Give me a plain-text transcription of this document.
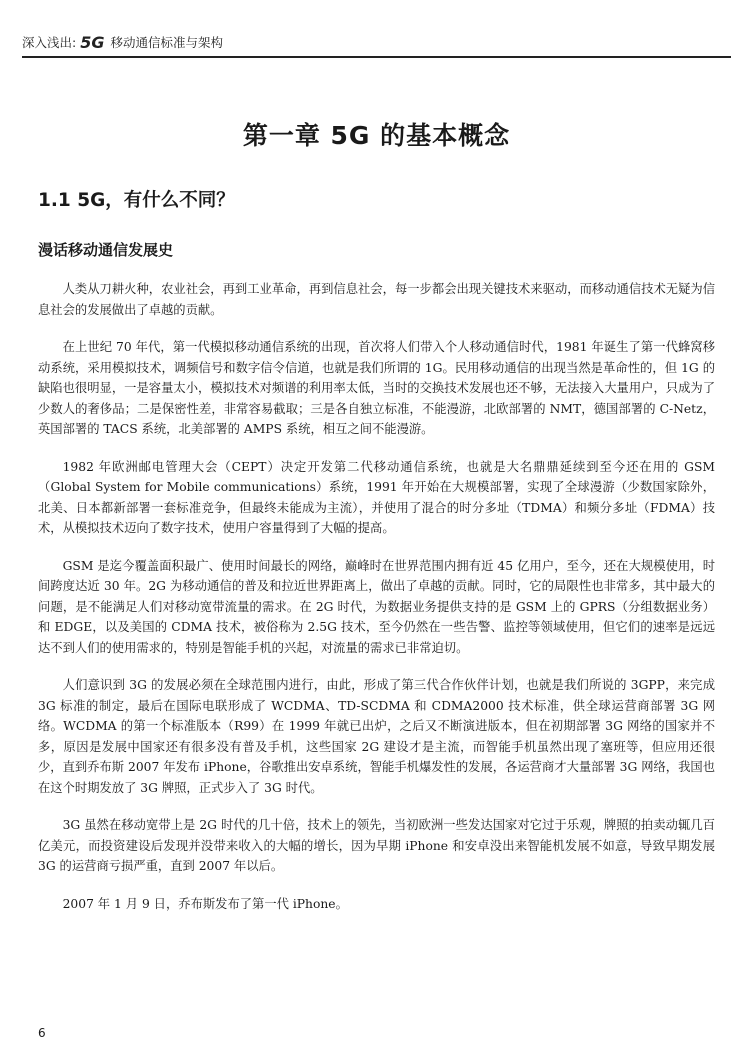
深入浅出: 5G 移动通信标准与架构
第一章 5G 的基本概念
1.1 5G，有什么不同？
漫话移动通信发展史

人类从刀耕火种，农业社会，再到工业革命，再到信息社会，每一步都会出现关键技术来驱动，而移动通信技术无疑为信息社会的发展做出了卓越的贡献。

在上世纪 70 年代，第一代模拟移动通信系统的出现，首次将人们带入个人移动通信时代，1981 年诞生了第一代蜂窝移动系统，采用模拟技术，调频信号和数字信令信道，也就是我们所谓的 1G。民用移动通信的出现当然是革命性的，但 1G 的缺陷也很明显，一是容量太小，模拟技术对频谱的利用率太低，当时的交换技术发展也还不够，无法接入大量用户，只成为了少数人的奢侈品；二是保密性差，非常容易截取；三是各自独立标准，不能漫游，北欧部署的 NMT，德国部署的 C-Netz，英国部署的 TACS 系统，北美部署的 AMPS 系统，相互之间不能漫游。

1982 年欧洲邮电管理大会（CEPT）决定开发第二代移动通信系统，也就是大名鼎鼎延续到至今还在用的 GSM（Global System for Mobile communications）系统，1991 年开始在大规模部署，实现了全球漫游（少数国家除外，北美、日本都新部署一套标准竞争，但最终未能成为主流），并使用了混合的时分多址（TDMA）和频分多址（FDMA）技术，从模拟技术迈向了数字技术，使用户容量得到了大幅的提高。

GSM 是迄今覆盖面积最广、使用时间最长的网络，巅峰时在世界范围内拥有近 45 亿用户，至今，还在大规模使用，时间跨度达近 30 年。2G 为移动通信的普及和拉近世界距离上，做出了卓越的贡献。同时，它的局限性也非常多，其中最大的问题，是不能满足人们对移动宽带流量的需求。在 2G 时代，为数据业务提供支持的是 GSM 上的 GPRS（分组数据业务）和 EDGE，以及美国的 CDMA 技术，被俗称为 2.5G 技术，至今仍然在一些告警、监控等领域使用，但它们的速率是远远达不到人们的使用需求的，特别是智能手机的兴起，对流量的需求已非常迫切。

人们意识到 3G 的发展必须在全球范围内进行，由此，形成了第三代合作伙伴计划，也就是我们所说的 3GPP，来完成 3G 标准的制定，最后在国际电联形成了 WCDMA、TD-SCDMA 和 CDMA2000 技术标准，供全球运营商部署 3G 网络。WCDMA 的第一个标准版本（R99）在 1999 年就已出炉，之后又不断演进版本，但在初期部署 3G 网络的国家并不多，原因是发展中国家还有很多没有普及手机，这些国家 2G 建设才是主流，而智能手机虽然出现了塞班等，但应用还很少，直到乔布斯 2007 年发布 iPhone，谷歌推出安卓系统，智能手机爆发性的发展，各运营商才大量部署 3G 网络，我国也在这个时期发放了 3G 牌照，正式步入了 3G 时代。

3G 虽然在移动宽带上是 2G 时代的几十倍，技术上的领先，当初欧洲一些发达国家对它过于乐观，牌照的拍卖动辄几百亿美元，而投资建设后发现并没带来收入的大幅的增长，因为早期 iPhone 和安卓没出来智能机发展不如意，导致早期发展 3G 的运营商亏损严重，直到 2007 年以后。

2007 年 1 月 9 日，乔布斯发布了第一代 iPhone。

6
